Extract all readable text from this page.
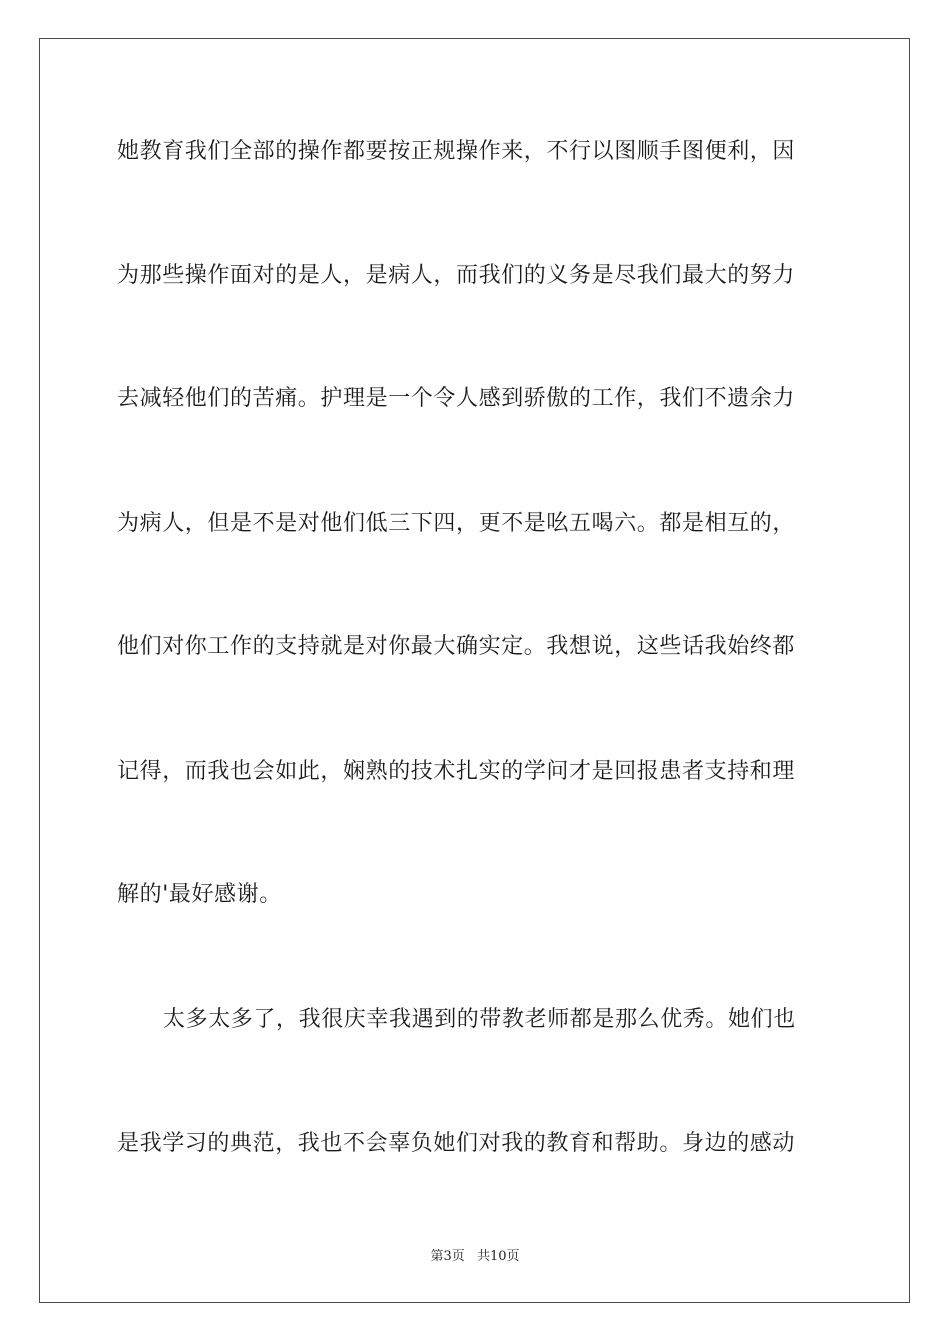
她教育我们全部的操作都要按正规操作来，不行以图顺手图便利，因
为那些操作面对的是人，是病人，而我们的义务是尽我们最大的努力
去减轻他们的苦痛。护理是一个令人感到骄傲的工作，我们不遗余力
为病人，但是不是对他们低三下四，更不是吆五喝六。都是相互的，
他们对你工作的支持就是对你最大确实定。我想说，这些话我始终都
记得，而我也会如此，娴熟的技术扎实的学问才是回报患者支持和理
解的'最好感谢。
太多太多了，我很庆幸我遇到的带教老师都是那么优秀。她们也
是我学习的典范，我也不会辜负她们对我的教育和帮助。身边的感动
第3页 共10页
